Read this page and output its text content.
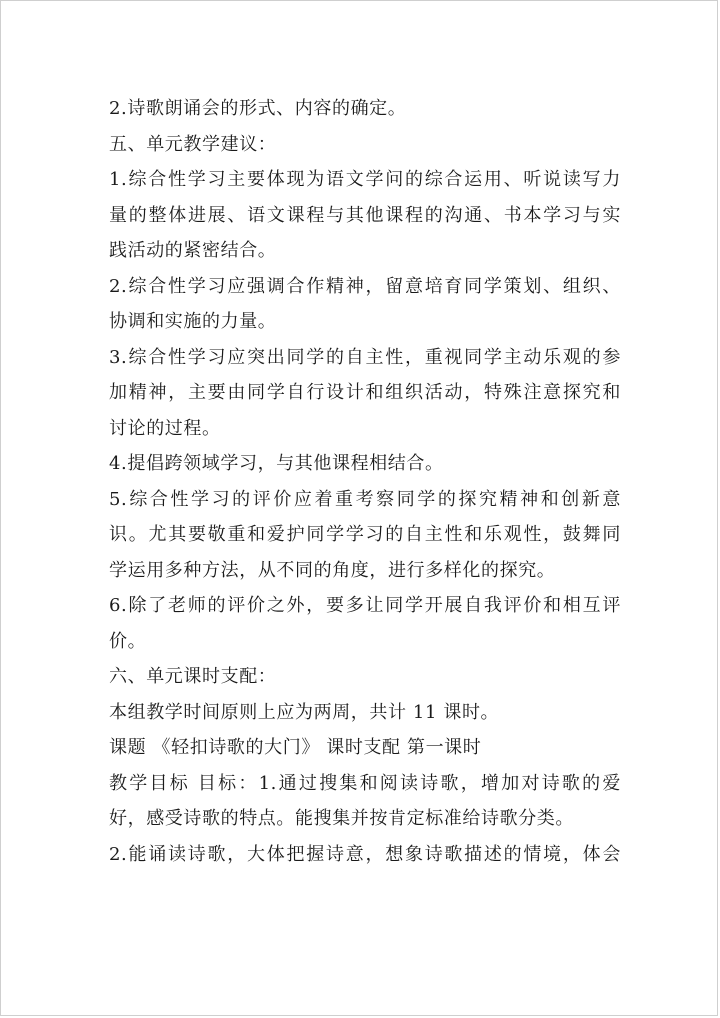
2.诗歌朗诵会的形式、内容的确定。
五、单元教学建议：
1.综合性学习主要体现为语文学问的综合运用、听说读写力
量的整体进展、语文课程与其他课程的沟通、书本学习与实
践活动的紧密结合。
2.综合性学习应强调合作精神，留意培育同学策划、组织、
协调和实施的力量。
3.综合性学习应突出同学的自主性，重视同学主动乐观的参
加精神，主要由同学自行设计和组织活动，特殊注意探究和
讨论的过程。
4.提倡跨领域学习，与其他课程相结合。
5.综合性学习的评价应着重考察同学的探究精神和创新意
识。尤其要敬重和爱护同学学习的自主性和乐观性，鼓舞同
学运用多种方法，从不同的角度，进行多样化的探究。
6.除了老师的评价之外，要多让同学开展自我评价和相互评
价。
六、单元课时支配：
本组教学时间原则上应为两周，共计 11 课时。
课题 《轻扣诗歌的大门》 课时支配 第一课时
教学目标 目标：1.通过搜集和阅读诗歌，增加对诗歌的爱
好，感受诗歌的特点。能搜集并按肯定标准给诗歌分类。
2.能诵读诗歌，大体把握诗意，想象诗歌描述的情境，体会
